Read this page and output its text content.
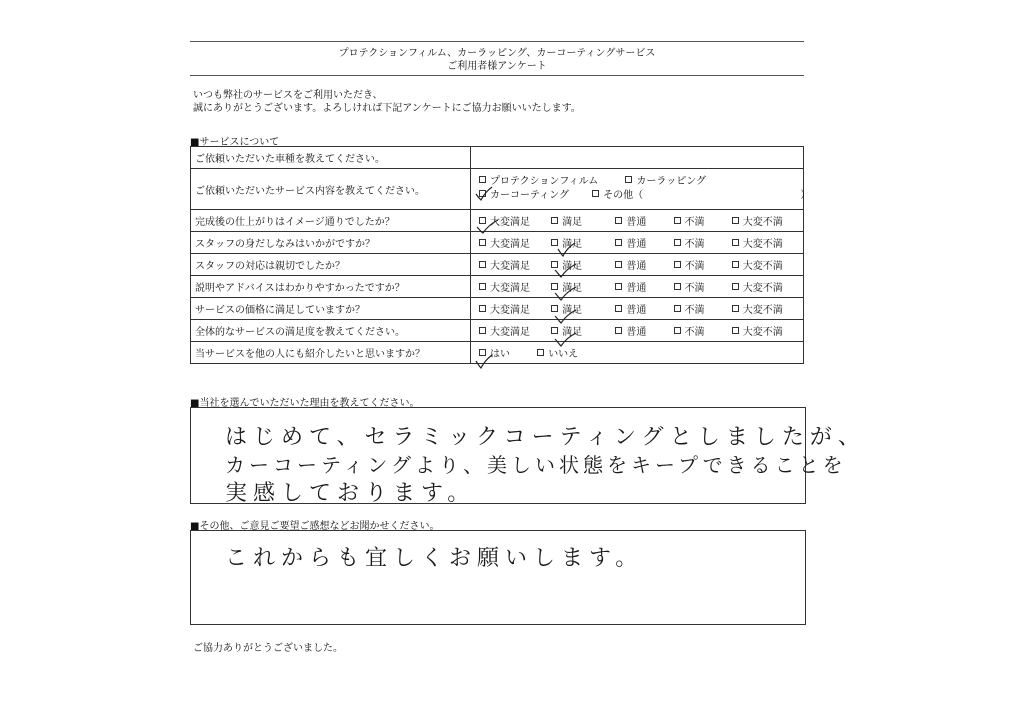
プロテクションフィルム、カーラッピング、カーコーティングサービス
ご利用者様アンケート
いつも弊社のサービスをご利用いただき、
誠にありがとうございます。よろしければ下記アンケートにご協力お願いいたします。
■サービスについて
ご依頼いただいた車種を教えてください。	
ご依頼いただいたサービス内容を教えてください。	プロテクションフィルム カーラッピング
カーコーティング その他（ ）

完成後の仕上がりはイメージ通りでしたか？	大変満足 満足 普通 不満 大変不満
スタッフの身だしなみはいかがですか？	大変満足 満足 普通 不満 大変不満
スタッフの対応は親切でしたか？	大変満足 満足 普通 不満 大変不満
説明やアドバイスはわかりやすかったですか？	大変満足 満足 普通 不満 大変不満
サービスの価格に満足していますか？	大変満足 満足 普通 不満 大変不満
全体的なサービスの満足度を教えてください。	大変満足 満足 普通 不満 大変不満
当サービスを他の人にも紹介したいと思いますか？	はい いいえ
■当社を選んでいただいた理由を教えてください。
はじめて、セラミックコーティングとしましたが、
カーコーティングより、美しい状態をキープできることを
実感しております。
■その他、ご意見ご要望ご感想などお聞かせください。
これからも宜しくお願いします。
ご協力ありがとうございました。
